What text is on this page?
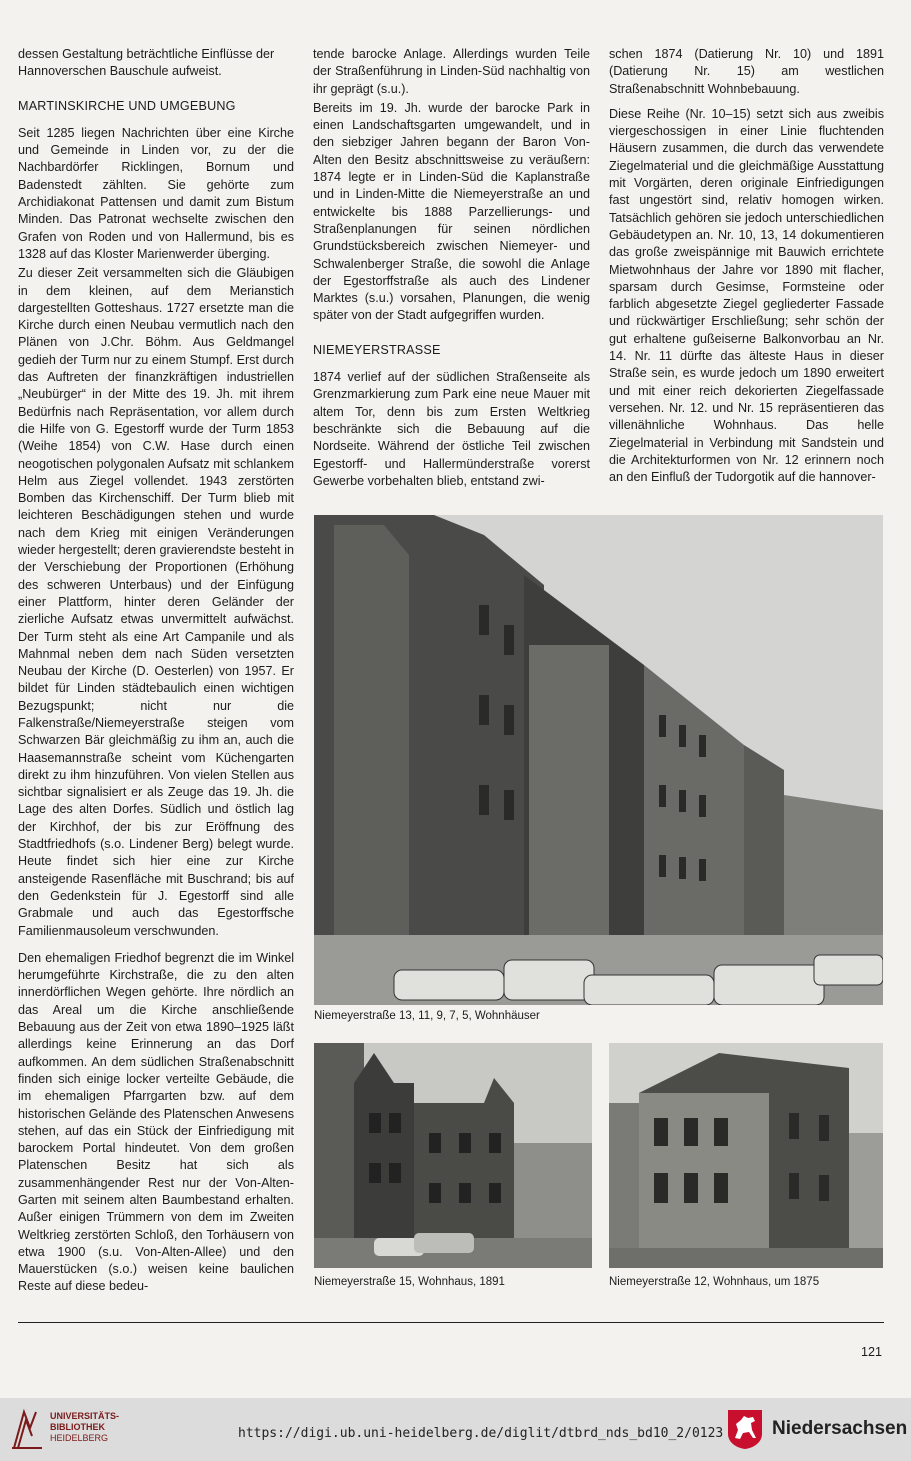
dessen Gestaltung beträchtliche Einflüsse der Hannoverschen Bauschule aufweist.

MARTINSKIRCHE UND UMGEBUNG

Seit 1285 liegen Nachrichten über eine Kirche und Gemeinde in Linden vor, zu der die Nachbardörfer Ricklingen, Bornum und Badenstedt zählten. Sie gehörte zum Archidiakonat Pattensen und damit zum Bistum Minden. Das Patronat wechselte zwischen den Grafen von Roden und von Hallermund, bis es 1328 auf das Kloster Marienwerder überging.

Zu dieser Zeit versammelten sich die Gläubigen in dem kleinen, auf dem Merianstich dargestellten Gotteshaus. 1727 ersetzte man die Kirche durch einen Neubau vermutlich nach den Plänen von J.Chr. Böhm. Aus Geldmangel gedieh der Turm nur zu einem Stumpf. Erst durch das Auftreten der finanzkräftigen industriellen „Neubürger“ in der Mitte des 19. Jh. mit ihrem Bedürfnis nach Repräsentation, vor allem durch die Hilfe von G. Egestorff wurde der Turm 1853 (Weihe 1854) von C.W. Hase durch einen neogotischen polygonalen Aufsatz mit schlankem Helm aus Ziegel vollendet. 1943 zerstörten Bomben das Kirchenschiff. Der Turm blieb mit leichteren Beschädigungen stehen und wurde nach dem Krieg mit einigen Veränderungen wieder hergestellt; deren gravierendste besteht in der Verschiebung der Proportionen (Erhöhung des schweren Unterbaus) und der Einfügung einer Plattform, hinter deren Geländer der zierliche Aufsatz etwas unvermittelt aufwächst. Der Turm steht als eine Art Campanile und als Mahnmal neben dem nach Süden versetzten Neubau der Kirche (D. Oesterlen) von 1957. Er bildet für Linden städtebaulich einen wichtigen Bezugspunkt; nicht nur die Falkenstraße/Niemeyerstraße steigen vom Schwarzen Bär gleichmäßig zu ihm an, auch die Haasemannstraße scheint vom Küchengarten direkt zu ihm hinzuführen. Von vielen Stellen aus sichtbar signalisiert er als Zeuge das 19. Jh. die Lage des alten Dorfes. Südlich und östlich lag der Kirchhof, der bis zur Eröffnung des Stadtfriedhofs (s.o. Lindener Berg) belegt wurde. Heute findet sich hier eine zur Kirche ansteigende Rasenfläche mit Buschrand; bis auf den Gedenkstein für J. Egestorff sind alle Grabmale und auch das Egestorffsche Familienmausoleum verschwunden.

Den ehemaligen Friedhof begrenzt die im Winkel herumgeführte Kirchstraße, die zu den alten innerdörflichen Wegen gehörte. Ihre nördlich an das Areal um die Kirche anschließende Bebauung aus der Zeit von etwa 1890–1925 läßt allerdings keine Erinnerung an das Dorf aufkommen. An dem südlichen Straßenabschnitt finden sich einige locker verteilte Gebäude, die im ehemaligen Pfarrgarten bzw. auf dem historischen Gelände des Platenschen Anwesens stehen, auf das ein Stück der Einfriedigung mit barockem Portal hindeutet. Von dem großen Platenschen Besitz hat sich als zusammenhängender Rest nur der Von-Alten-Garten mit seinem alten Baumbestand erhalten. Außer einigen Trümmern von dem im Zweiten Weltkrieg zerstörten Schloß, den Torhäusern von etwa 1900 (s.u. Von-Alten-Allee) und den Mauerstücken (s.o.) weisen keine baulichen Reste auf diese bedeu-

tende barocke Anlage. Allerdings wurden Teile der Straßenführung in Linden-Süd nachhaltig von ihr geprägt (s.u.).

Bereits im 19. Jh. wurde der barocke Park in einen Landschaftsgarten umgewandelt, und in den siebziger Jahren begann der Baron Von-Alten den Besitz abschnittsweise zu veräußern: 1874 legte er in Linden-Süd die Kaplanstraße und in Linden-Mitte die Niemeyerstraße an und entwickelte bis 1888 Parzellierungs- und Straßenplanungen für seinen nördlichen Grundstücksbereich zwischen Niemeyer- und Schwalenberger Straße, die sowohl die Anlage der Egestorffstraße als auch des Lindener Marktes (s.u.) vorsahen, Planungen, die wenig später von der Stadt aufgegriffen wurden.

NIEMEYERSTRASSE

1874 verlief auf der südlichen Straßenseite als Grenzmarkierung zum Park eine neue Mauer mit altem Tor, denn bis zum Ersten Weltkrieg beschränkte sich die Bebauung auf die Nordseite. Während der östliche Teil zwischen Egestorff- und Hallermünderstraße vorerst Gewerbe vorbehalten blieb, entstand zwi-

schen 1874 (Datierung Nr. 10) und 1891 (Datierung Nr. 15) am westlichen Straßenabschnitt Wohnbebauung.

Diese Reihe (Nr. 10–15) setzt sich aus zweibis viergeschossigen in einer Linie fluchtenden Häusern zusammen, die durch das verwendete Ziegelmaterial und die gleichmäßige Ausstattung mit Vorgärten, deren originale Einfriedigungen fast ungestört sind, relativ homogen wirken. Tatsächlich gehören sie jedoch unterschiedlichen Gebäudetypen an. Nr. 10, 13, 14 dokumentieren das große zweispännige mit Bauwich errichtete Mietwohnhaus der Jahre vor 1890 mit flacher, sparsam durch Gesimse, Formsteine oder farblich abgesetzte Ziegel gegliederter Fassade und rückwärtiger Erschließung; sehr schön der gut erhaltene gußeiserne Balkonvorbau an Nr. 14. Nr. 11 dürfte das älteste Haus in dieser Straße sein, es wurde jedoch um 1890 erweitert und mit einer reich dekorierten Ziegelfassade versehen. Nr. 12. und Nr. 15 repräsentieren das villenähnliche Wohnhaus. Das helle Ziegelmaterial in Verbindung mit Sandstein und die Architekturformen von Nr. 12 erinnern noch an den Einfluß der Tudorgotik auf die hannover-

Niemeyerstraße 13, 11, 9, 7, 5, Wohnhäuser
Niemeyerstraße 15, Wohnhaus, 1891	Niemeyerstraße 12, Wohnhaus, um 1875
121
UNIVERSITÄTS-
BIBLIOTHEK
HEIDELBERG	https://digi.ub.uni-heidelberg.de/diglit/dtbrd_nds_bd10_2/0123	Niedersachsen
